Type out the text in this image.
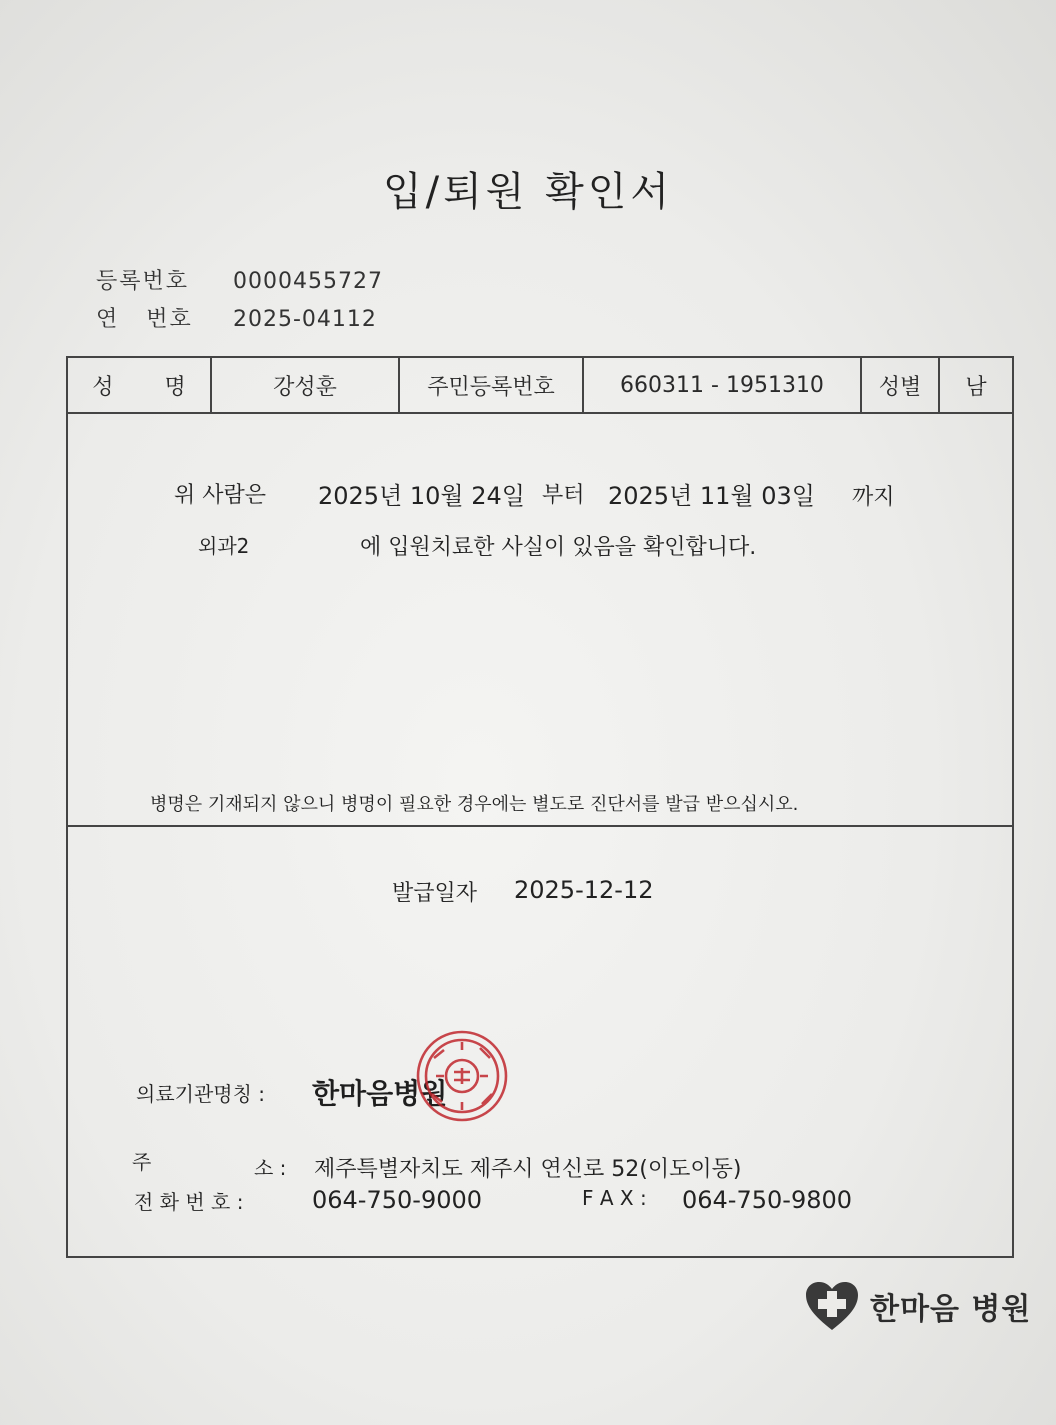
입/퇴원 확인서
등록번호 0000455727
연 번호 2025-04112
성 명	강성훈	주민등록번호	660311 - 1951310	성별	남
위 사람은 2025년 10월 24일 부터 2025년 11월 03일 까지
외과2	에 입원치료한 사실이 있음을 확인합니다.
병명은 기재되지 않으니 병명이 필요한 경우에는 별도로 진단서를 발급 받으십시오.
발급일자 2025-12-12
의료기관명칭 : 한마음병원
주	소 : 제주특별자치도 제주시 연신로 52(이도이동)
전 화 번 호 :	064-750-9000	F A X : 064-750-9800
한마음 병원
